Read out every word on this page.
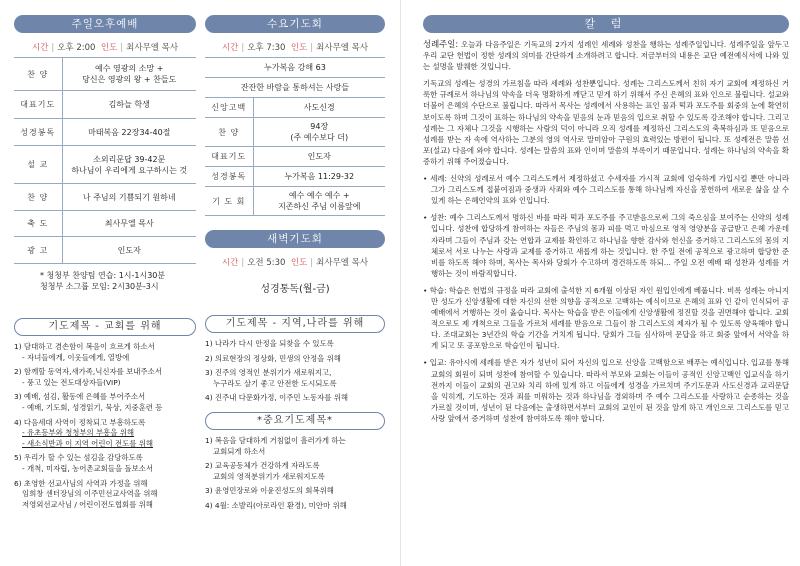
주일오후예배
시간 | 오후 2:00 인도 | 최사무엘 목사
찬 양	예수 영광의 소망 +
당신은 영광의 왕 + 찬들도
대표기도	김하늘 학생
성경봉독	마태복음 22장34-40절
설 교	소외리문답 39-42문
하나님이 우리에게 요구하시는 것
찬 양	나 주님의 기쁨되기 원하네
축 도	최사무엘 목사
광 고	인도자
* 청청부 찬양팀 연습: 1시-1시30분
청청부 소그룹 모임: 2시30분-3시
기도제목 - 교회를 위해
1) 담대하고 겸손함이 복음이 흐르게 하소서
- 자녀들에게, 이웃들에게, 열방에
2) 함께할 동역자,새가족,닉신자를 보내주소서
- 풍고 있는 전도대상자들(VIP)
3) 예배, 섬김, 활동에 은혜를 부어주소서
- 예배, 기도회, 성경읽기, 묵상, 지중훈련 등
4) 다음세대 사역이 정착되고 부흥하도록
- 유초등부와 청청부의 부흥을 위해
- 새소식반과 이 지역 어린이 전도를 위해
5) 우리가 할 수 있는 섬김을 감당하도록
- 개척, 미자립, 농어촌교회들을 돌보소서
6) 초영한 선교사님의 사역과 가정을 위해
임희창 센터장님의 이주민선교사역을 위해
저영외선교사님 / 어린이전도협회를 위해
수요기도회
시간 | 오후 7:30 인도 | 최사무엘 목사
누가복음 강해 63	
잔잔한 바람을 통하셔는 사랑들	
신앙고백	사도신경
찬 양	94장
(주 예수보다 더)
대표기도	인도자
성경봉독	누가복음 11:29-32
기 도 회	예수 예수 예수 +
지존하신 주님 이름앞에
새벽기도회
시간 | 오전 5:30 인도 | 최사무엘 목사
성경통독(월-금)
기도제목 - 지역,나라를 위해
1) 나라가 다시 안정을 되찾을 수 있도록
2) 의료현장의 정상화, 민생의 안정을 위해
3) 진주의 영적인 분위기가 새로워지고,
누구라도 살기 좋고 안전한 도시되도록
4) 진주내 다문화가정, 이주민 노동자를 위해
*중요기도제목*
1) 복음을 담대하게 거침없이 흘러가게 하는
교회되게 하소서
2) 교육공동체가 건강하게 자라도록
교회의 영적분위기가 새로워지도록
3) 윤영민장로와 이윤진성도의 회복위해
4) 4월: 소발리(아로라인 환경), 미안마 위해
칼 럼

성례주일: 오늘과 다음주일은 기독교의 2가지 성례인 세례와 성찬을 행하는 성례주일입니다. 성례주일을 앞두고 우리 교단 헌법이 정한 성례의 의미를 간단하게 소개하려고 합니다. 저금부터의 내용은 교단 예전예식서에 나와 있는 설명을 발췌한 것입니다.

기독교의 성례는 성경의 가르침을 따라 세례와 성찬뿐입니다. 성례는 그리스도께서 친히 자기 교회에 제정하신 거룩한 규례로서 하나님의 약속을 더욱 명확하게 깨닫고 믿게 하기 위해서 주신 은혜의 표와 인으로 불립니다. 설교와 더불어 은혜의 수단으로 불립니다. 따라서 목사는 성례에서 사용하는 표인 물과 떡과 포도주를 회중의 눈에 확연히 보이도록 하며 그것이 표하는 하나님의 약속을 믿음의 눈과 믿음의 입으로 취할 수 있도록 강조해야 합니다. 그리고 성례는 그 자체나 그것을 시행하는 사람의 덕이 아니라 오직 성례를 제정하신 그리스도의 축복하심과 또 믿음으로 성례를 받는 자 속에 역사하는 그분의 영의 역사로 말미암아 구원의 효력있는 방편이 됩니다. 또 성례전은 말씀 선포(설교) 다음에 와야 합니다. 성례는 말씀의 표와 인이며 말씀의 부록이기 때문입니다. 성례는 하나님의 약속을 확증하기 위해 주어졌습니다.

• 세례: 신약의 성례로서 예수 그리스도께서 제정하셨고 수세자를 가시적 교회에 엄숙하게 가입시킬 뿐만 아니라 그가 그리스도께 접붙여짐과 중생과 사죄와 예수 그리스도를 통해 하나님께 자신을 봉헌하여 새로운 삶을 살 수 있게 하는 은혜언약의 표와 인입니다.

• 성찬: 예수 그리스도께서 명하신 바를 따라 떡과 포도주를 주고받음으로써 그의 죽으심을 보여주는 신약의 성례입니다. 성찬에 합당하게 참여하는 자들은 주님의 몸과 피를 먹고 마심으로 영적 영양분을 공급받고 은혜 가운데 자라며 그들이 주님과 갖는 연합과 교제를 확인하고 하나님을 향한 감사와 헌신을 증거하고 그리스도의 몸의 지체로서 서로 나누는 사랑과 교제를 증거하고 새롭게 하는 것입니다. 한 주일 전에 공적으로 광고하며 합당한 준비를 하도록 해야 하며, 목사는 목사와 당회가 수고하며 경건하도록 하되... 주일 오전 예배 때 성찬과 성례를 거행하는 것이 바람직합니다.

• 학습: 학습은 헌법의 규정을 따라 교회에 출석한 지 6개월 이상된 자인 원입인에게 베풉니다. 비록 성례는 아니지만 성도가 신앙생활에 대한 자신의 선한 의향을 공적으로 고백하는 예식이므로 은혜의 표와 인 같이 인식되어 공예배에서 거행하는 것이 옳습니다. 목사는 학습을 받은 이들에게 신앙생활에 정진할 것을 권면해야 합니다. 교회적으로도 제 개척으로 그들을 가르쳐 세례를 받음으로 그들이 참 그리스도의 제자가 될 수 있도록 양육해야 합니다. 조대교회는 3년간의 학습 기간을 거치게 됩니다. 당회가 그들 심사하여 문답을 하고 회중 앞에서 서약을 하게 되고 또 공포함으로 학습인이 됩니다.

• 입교: 유아시에 세례를 받은 자가 성년이 되어 자신의 입으로 신앙을 고백함으로 배푸는 예식입니다. 입교를 통해 교회의 회원이 되며 성찬에 참여할 수 있습니다. 따라서 부모와 교회는 이들이 공적인 신앙고백인 입교식을 하기 전까지 이들이 교회의 권고와 치리 하에 있게 하고 이들에게 성경을 가르치며 주기도문과 사도신경과 교리문답을 익히게, 기도하는 것과 죄를 미워하는 것과 하나님을 경외하며 주 예수 그리스도를 사랑하고 순종하는 것을 가르칠 것이며, 성년이 된 다음에는 출생하면서부터 교회의 교인이 된 것을 알게 하고 개인으로 그리스도를 믿고 사랑 앞에서 증거하며 성찬에 참여하도록 해야 합니다.
